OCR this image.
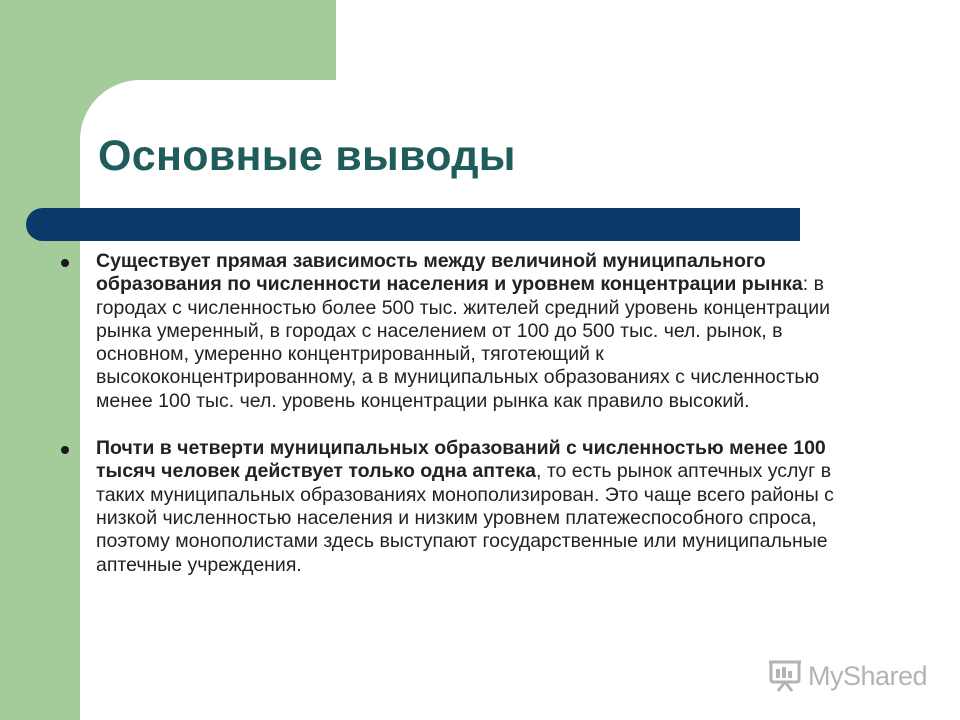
Основные выводы
Существует прямая зависимость между величиной муниципального образования по численности населения и уровнем концентрации рынка: в городах с численностью более 500 тыс. жителей средний уровень концентрации рынка умеренный, в городах с населением от 100 до 500 тыс. чел. рынок, в основном, умеренно концентрированный, тяготеющий к высококонцентрированному, а в муниципальных образованиях с численностью менее 100 тыс. чел. уровень концентрации рынка как правило высокий.
Почти в четверти муниципальных образований с численностью менее 100 тысяч человек действует только одна аптека, то есть рынок аптечных услуг в таких муниципальных образованиях монополизирован. Это чаще всего районы с низкой численностью населения и низким уровнем платежеспособного спроса, поэтому монополистами здесь выступают государственные или муниципальные аптечные учреждения.
MyShared
